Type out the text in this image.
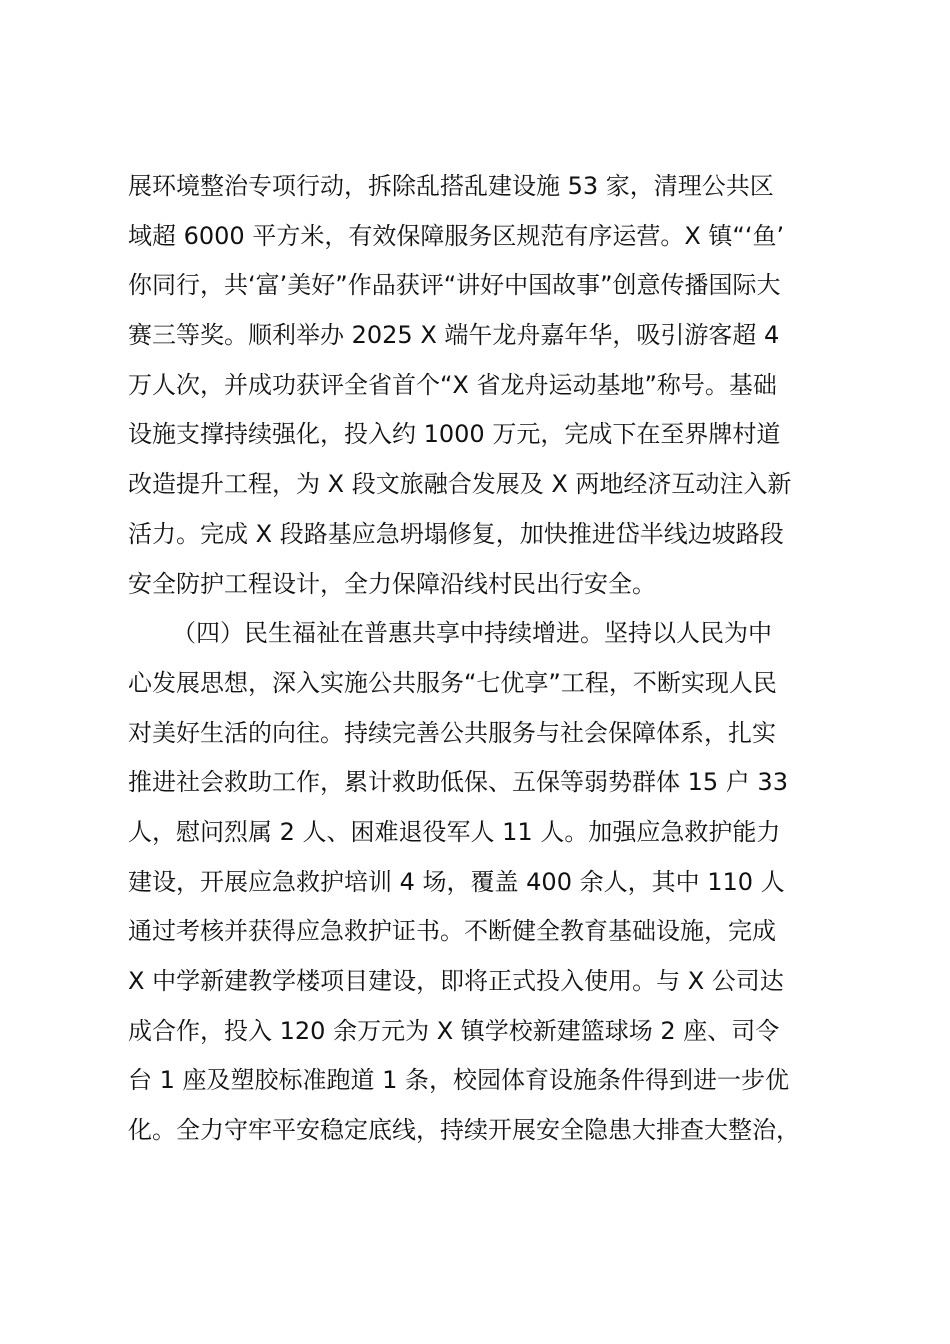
展环境整治专项行动，拆除乱搭乱建设施 53 家，清理公共区
域超 6000 平方米，有效保障服务区规范有序运营。X 镇“‘鱼’
你同行，共‘富’美好”作品获评“讲好中国故事”创意传播国际大
赛三等奖。顺利举办 2025 X 端午龙舟嘉年华，吸引游客超 4
万人次，并成功获评全省首个“X 省龙舟运动基地”称号。基础
设施支撑持续强化，投入约 1000 万元，完成下在至界牌村道
改造提升工程，为 X 段文旅融合发展及 X 两地经济互动注入新
活力。完成 X 段路基应急坍塌修复，加快推进岱半线边坡路段
安全防护工程设计，全力保障沿线村民出行安全。
（四）民生福祉在普惠共享中持续增进。坚持以人民为中
心发展思想，深入实施公共服务“七优享”工程，不断实现人民
对美好生活的向往。持续完善公共服务与社会保障体系，扎实
推进社会救助工作，累计救助低保、五保等弱势群体 15 户 33
人，慰问烈属 2 人、困难退役军人 11 人。加强应急救护能力
建设，开展应急救护培训 4 场，覆盖 400 余人，其中 110 人
通过考核并获得应急救护证书。不断健全教育基础设施，完成
X 中学新建教学楼项目建设，即将正式投入使用。与 X 公司达
成合作，投入 120 余万元为 X 镇学校新建篮球场 2 座、司令
台 1 座及塑胶标准跑道 1 条，校园体育设施条件得到进一步优
化。全力守牢平安稳定底线，持续开展安全隐患大排查大整治，
